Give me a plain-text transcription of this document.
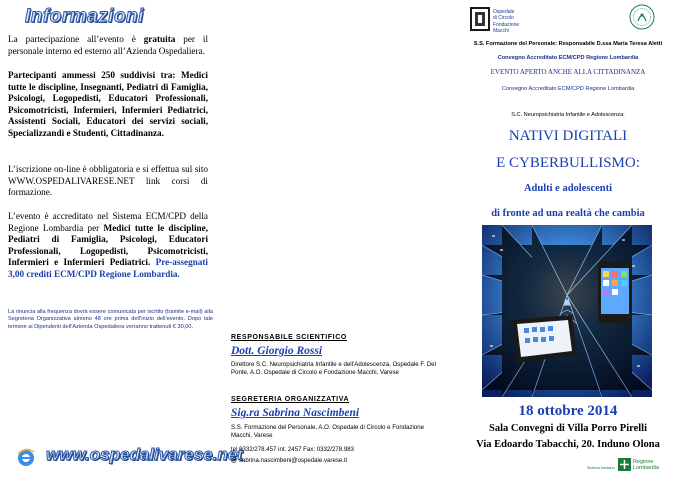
Informazioni
La partecipazione all’evento è gratuita per il personale interno ed esterno all’Azienda Ospedaliera.
Partecipanti ammessi 250 suddivisi tra: Medici tutte le discipline, Insegnanti, Pediatri di Famiglia, Psicologi, Logopedisti, Educatori Professionali, Psicomotricisti, Infermieri, Infermieri Pediatrici, Assistenti Sociali, Educatori dei servizi sociali, Specializzandi e Studenti, Cittadinanza.
L’iscrizione on-line è obbligatoria e si effettua sul sito WWW.OSPEDALIVARESE.NET link corsi di formazione.
L’evento è accreditato nel Sistema ECM/CPD della Regione Lombardia per Medici tutte le discipline, Pediatri di Famiglia, Psicologi, Educatori Professionali, Logopedisti, Psicomotricisti, Infermieri e Infermieri Pediatrici. Pre-assegnati 3,00 crediti ECM/CPD Regione Lombardia.
La rinuncia alla frequenza dovrà essere comunicata per iscritto (tramite e-mail) alla Segreteria Organizzativa almeno 48 ore prima dell’inizio dell’evento. Dopo tale termine ai Dipendenti dell’Azienda Ospedaliera verranno trattenuti € 30,00.
www.ospedalivarese.net
RESPONSABILE SCIENTIFICO
Dott. Giorgio Rossi
Direttore S.C. Neuropsichiatria Infantile e dell’Adolescenza, Ospedale F. Del Ponte, A.O. Ospedale di Circolo e Fondazione Macchi, Varese
SEGRETERIA ORGANIZZATIVA
Sig.ra Sabrina Nascimbeni
S.S. Formazione del Personale, A.O. Ospedale di Circolo e Fondazione Macchi, Varese
tel 0332/278.457 int. 2457 Fax: 0332/278.983
@ sabrina.nascimbeni@ospedale.varese.it
Ospedale
di Circolo
Fondazione
Macchi
S.S. Formazione del Personale: Responsabile D.ssa Maria Teresa Aletti
Convegno Accreditato ECM/CPD Regione Lombardia
EVENTO APERTO ANCHE ALLA CITTADINANZA
Convegno Accreditato ECM/CPD Regione Lombardia
S.C. Neuropsichiatria Infantile e Adolescenza:
NATIVI DIGITALI
E CYBERBULLISMO:
Adulti e adolescenti
di fronte ad una realtà che cambia
18 ottobre 2014
Sala Convegni di Villa Porro Pirelli
Via Edoardo Tabacchi, 20. Induno Olona
Sistema Sanitario
Regione
Lombardia
